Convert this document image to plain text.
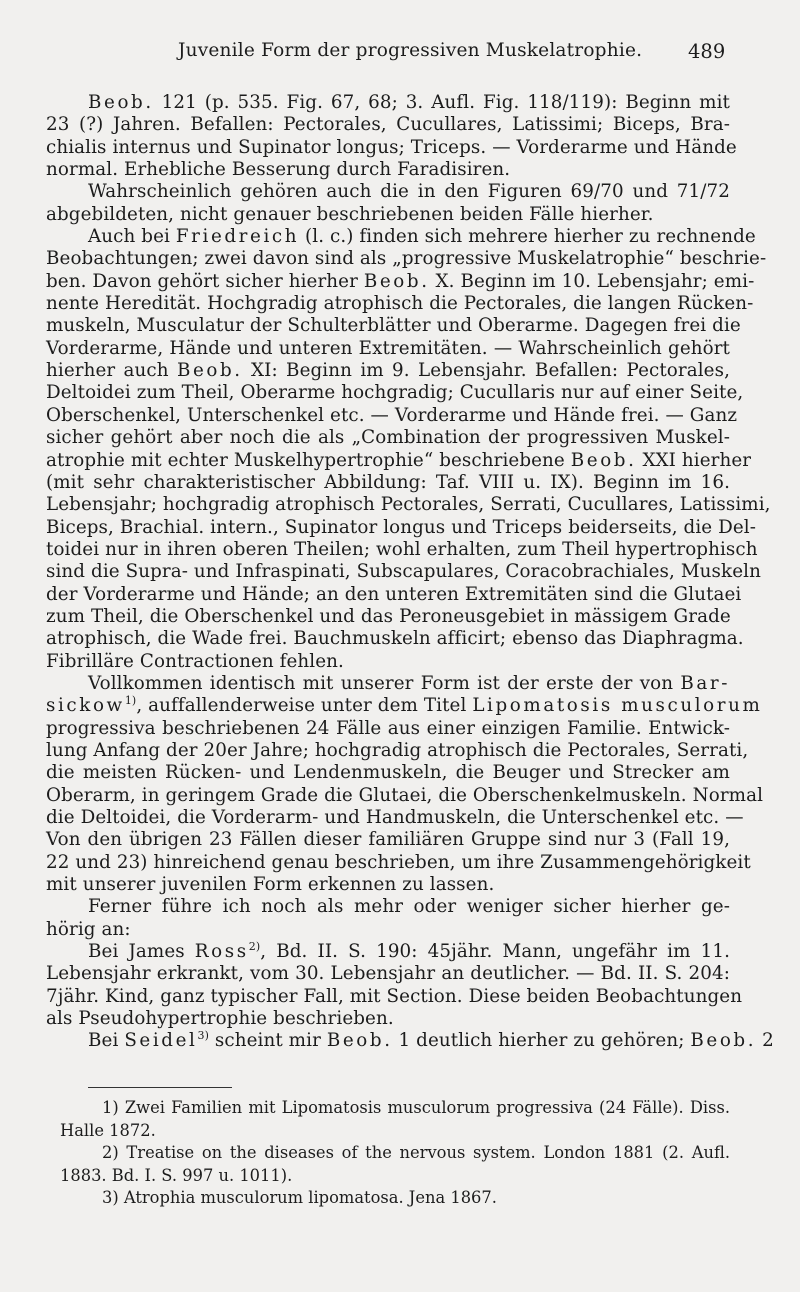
Juvenile Form der progressiven Muskelatrophie. 489
Beob. 121 (p. 535. Fig. 67, 68; 3. Aufl. Fig. 118/119): Beginn mit
23 (?) Jahren. Befallen: Pectorales, Cucullares, Latissimi; Biceps, Bra-
chialis internus und Supinator longus; Triceps. — Vorderarme und Hände
normal. Erhebliche Besserung durch Faradisiren.
Wahrscheinlich gehören auch die in den Figuren 69/70 und 71/72
abgebildeten, nicht genauer beschriebenen beiden Fälle hierher.
Auch bei Friedreich (l. c.) finden sich mehrere hierher zu rechnende
Beobachtungen; zwei davon sind als „progressive Muskelatrophie“ beschrie-
ben. Davon gehört sicher hierher Beob. X. Beginn im 10. Lebensjahr; emi-
nente Heredität. Hochgradig atrophisch die Pectorales, die langen Rücken-
muskeln, Musculatur der Schulterblätter und Oberarme. Dagegen frei die
Vorderarme, Hände und unteren Extremitäten. — Wahrscheinlich gehört
hierher auch Beob. XI: Beginn im 9. Lebensjahr. Befallen: Pectorales,
Deltoidei zum Theil, Oberarme hochgradig; Cucullaris nur auf einer Seite,
Oberschenkel, Unterschenkel etc. — Vorderarme und Hände frei. — Ganz
sicher gehört aber noch die als „Combination der progressiven Muskel-
atrophie mit echter Muskelhypertrophie“ beschriebene Beob. XXI hierher
(mit sehr charakteristischer Abbildung: Taf. VIII u. IX). Beginn im 16.
Lebensjahr; hochgradig atrophisch Pectorales, Serrati, Cucullares, Latissimi,
Biceps, Brachial. intern., Supinator longus und Triceps beiderseits, die Del-
toidei nur in ihren oberen Theilen; wohl erhalten, zum Theil hypertrophisch
sind die Supra- und Infraspinati, Subscapulares, Coracobrachiales, Muskeln
der Vorderarme und Hände; an den unteren Extremitäten sind die Glutaei
zum Theil, die Oberschenkel und das Peroneusgebiet in mässigem Grade
atrophisch, die Wade frei. Bauchmuskeln afficirt; ebenso das Diaphragma.
Fibrilläre Contractionen fehlen.
Vollkommen identisch mit unserer Form ist der erste der von Bar-
sickow$^{1)}$, auffallenderweise unter dem Titel Lipomatosis musculorum
progressiva beschriebenen 24 Fälle aus einer einzigen Familie. Entwick-
lung Anfang der 20er Jahre; hochgradig atrophisch die Pectorales, Serrati,
die meisten Rücken- und Lendenmuskeln, die Beuger und Strecker am
Oberarm, in geringem Grade die Glutaei, die Oberschenkelmuskeln. Normal
die Deltoidei, die Vorderarm- und Handmuskeln, die Unterschenkel etc. —
Von den übrigen 23 Fällen dieser familiären Gruppe sind nur 3 (Fall 19,
22 und 23) hinreichend genau beschrieben, um ihre Zusammengehörigkeit
mit unserer juvenilen Form erkennen zu lassen.
Ferner führe ich noch als mehr oder weniger sicher hierher ge-
hörig an:
Bei James Ross$^{2)}$, Bd. II. S. 190: 45jähr. Mann, ungefähr im 11.
Lebensjahr erkrankt, vom 30. Lebensjahr an deutlicher. — Bd. II. S. 204:
7jähr. Kind, ganz typischer Fall, mit Section. Diese beiden Beobachtungen
als Pseudohypertrophie beschrieben.
Bei Seidel$^{3)}$ scheint mir Beob. 1 deutlich hierher zu gehören; Beob. 2
1) Zwei Familien mit Lipomatosis musculorum progressiva (24 Fälle). Diss.
Halle 1872.
2) Treatise on the diseases of the nervous system. London 1881 (2. Aufl.
1883. Bd. I. S. 997 u. 1011).
3) Atrophia musculorum lipomatosa. Jena 1867.
